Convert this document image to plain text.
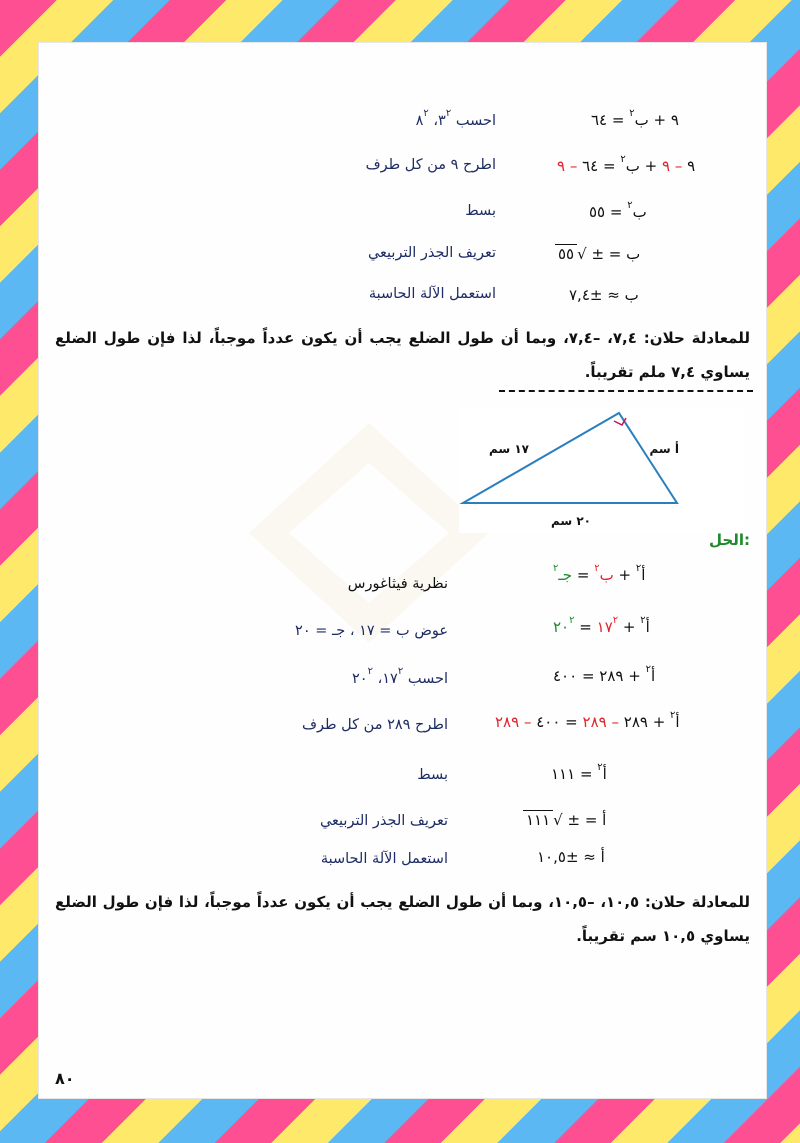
٩ + ب$^٢$ = ٦٤
احسب $٣^٢،$ $٨^٢$
٩ – ٩ + ب$^٢$ = ٦٤ – ٩
اطرح ٩ من كل طرف
ب$^٢$ = ٥٥
بسط
ب = ± √٥٥
تعريف الجذر التربيعي
ب ≈ ±٧,٤
استعمل الآلة الحاسبة
للمعادلة حلان: ٧,٤، –٧,٤، وبما أن طول الضلع يجب أن يكون عدداً موجباً، لذا فإن طول الضلع يساوي ٧,٤ ملم تقريباً.
١٧ سم	أ سم
٢٠ سم
الحل:
أ$^٢$ + ب$^٢$ = جـ$^٢$
نظرية فيثاغورس
أ$^٢$ + $١٧^٢$ = $٢٠^٢$
عوض ب = ١٧ ، جـ = ٢٠
أ$^٢$ + ٢٨٩ = ٤٠٠
احسب $١٧^٢،$ $٢٠^٢$
أ$^٢$ + ٢٨٩ – ٢٨٩ = ٤٠٠ – ٢٨٩
اطرح ٢٨٩ من كل طرف
أ$^٢$ = ١١١
بسط
أ = ± √١١١
تعريف الجذر التربيعي
أ ≈ ±١٠,٥
استعمل الآلة الحاسبة
للمعادلة حلان: ١٠,٥، –١٠,٥، وبما أن طول الضلع يجب أن يكون عدداً موجباً، لذا فإن طول الضلع يساوي ١٠,٥ سم تقريباً.
٨٠
